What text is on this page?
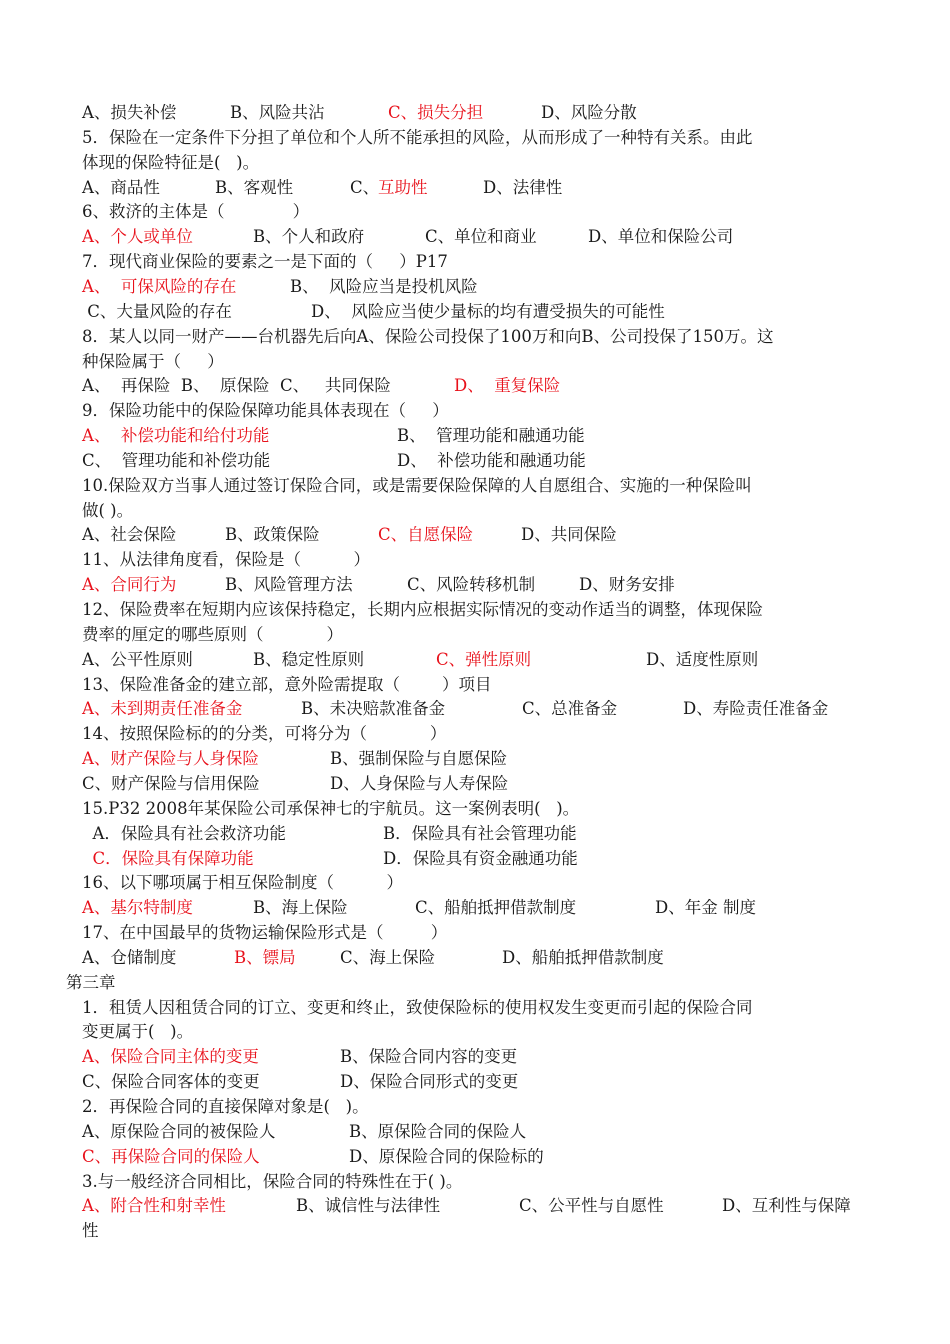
A、损失补偿	B、风险共沾	C、损失分担	D、风险分散
5．保险在一定条件下分担了单位和个人所不能承担的风险，从而形成了一种特有关系。由此
体现的保险特征是(   )。
A、商品性	B、客观性	C、
互助性	D、法律性
6、救济的主体是（             ）
A、个人或单位	B、个人和政府	C、单位和商业	D、单位和保险公司
7．现代商业保险的要素之一是下面的（     ）P17
A、  可保风险的存在	B、  风险应当是投机风险
C、大量风险的存在	D、  风险应当使少量标的均有遭受损失的可能性
8．某人以同一财产——台机器先后向A、保险公司投保了100万和向B、公司投保了150万。这
种保险属于（     ）
A、  再保险  B、  原保险  C、   共同保险	D、  重复保险
9．保险功能中的保险保障功能具体表现在（     ）
A、  补偿功能和给付功能	B、  管理功能和融通功能
C、  管理功能和补偿功能	D、  补偿功能和融通功能
10.保险双方当事人通过签订保险合同，或是需要保险保障的人自愿组合、实施的一种保险叫
做( )。
A、社会保险	B、政策保险	C、自愿保险	D、共同保险
11、从法律角度看，保险是（          ）
A、合同行为	B、风险管理方法	C、风险转移机制	D、财务安排
12、保险费率在短期内应该保持稳定，长期内应根据实际情况的变动作适当的调整，体现保险
费率的厘定的哪些原则（            ）
A、公平性原则	B、稳定性原则	C、弹性原则	D、适度性原则
13、保险准备金的建立部，意外险需提取（        ）项目
A、未到期责任准备金	B、未决赔款准备金	C、总准备金	D、寿险责任准备金
14、按照保险标的的分类，可将分为（            ）
A、财产保险与人身保险	B、强制保险与自愿保险
C、财产保险与信用保险	D、人身保险与人寿保险
15.P32 2008年某保险公司承保神七的宇航员。这一案例表明(   )。
A．保险具有社会救济功能	B．保险具有社会管理功能
C．保险具有保障功能	D．保险具有资金融通功能
16、以下哪项属于相互保险制度（          ）
A、基尔特制度	B、海上保险	C、船舶抵押借款制度	D、年金 制度
17、在中国最早的货物运输保险形式是（         ）
A、仓储制度	B、镖局	C、海上保险	D、船舶抵押借款制度
第三章
1．租赁人因租赁合同的订立、变更和终止，致使保险标的使用权发生变更而引起的保险合同
变更属于(   )。
A、保险合同主体的变更	B、保险合同内容的变更
C、保险合同客体的变更	D、保险合同形式的变更
2．再保险合同的直接保障对象是(   )。
A、原保险合同的被保险人	B、原保险合同的保险人
C、再保险合同的保险人	D、原保险合同的保险标的
3.与一般经济合同相比，保险合同的特殊性在于( )。
A、附合性和射幸性	B、诚信性与法律性	C、公平性与自愿性	D、互利性与保障
性
